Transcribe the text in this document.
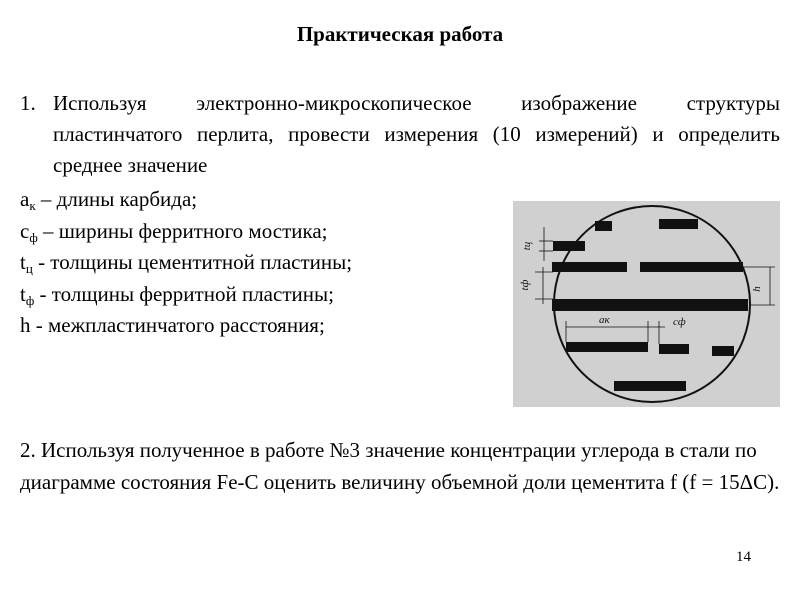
Практическая работа
1. Используя электронно-микроскопическое изображение структуры пластинчатого перлита, провести измерения (10 измерений) и определить среднее значение
$a_к$ – длины карбида;
$c_ф$ – ширины ферритного мостика;
$t_ц$ - толщины цементитной пластины;
$t_ф$ - толщины ферритной пластины;
h - межпластинчатого расстояния;
tц
tф	h
aк	cф
2. Используя полученное в работе №3 значение концентрации углерода в стали по диаграмме состояния Fe-C оценить величину объемной доли цементита f (f = 15ΔC).
14
